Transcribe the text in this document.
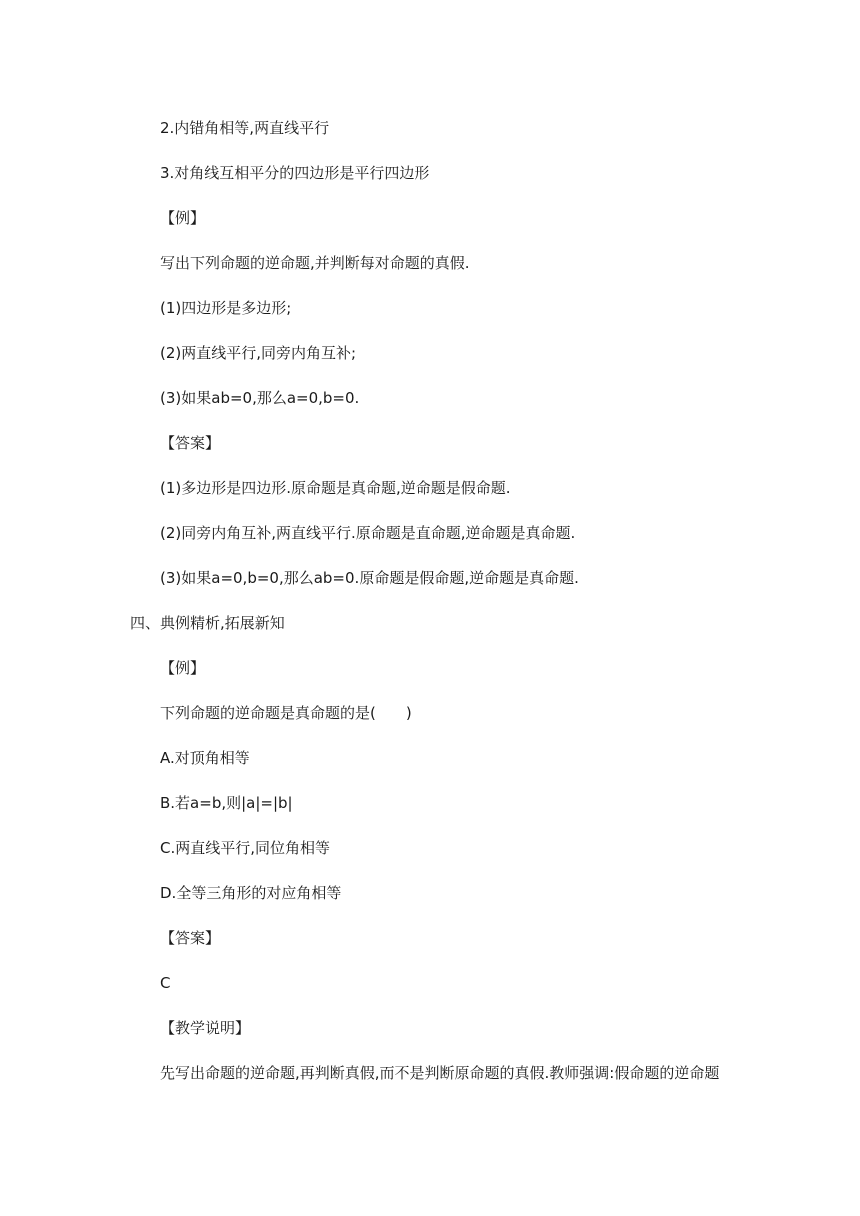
2.内错角相等,两直线平行
3.对角线互相平分的四边形是平行四边形
【例】
写出下列命题的逆命题,并判断每对命题的真假.
(1)四边形是多边形;
(2)两直线平行,同旁内角互补;
(3)如果ab=0,那么a=0,b=0.
【答案】
(1)多边形是四边形.原命题是真命题,逆命题是假命题.
(2)同旁内角互补,两直线平行.原命题是直命题,逆命题是真命题.
(3)如果a=0,b=0,那么ab=0.原命题是假命题,逆命题是真命题.
四、典例精析,拓展新知
【例】
下列命题的逆命题是真命题的是(　　)
A.对顶角相等
B.若a=b,则|a|=|b|
C.两直线平行,同位角相等
D.全等三角形的对应角相等
【答案】
C
【教学说明】
先写出命题的逆命题,再判断真假,而不是判断原命题的真假.教师强调:假命题的逆命题
